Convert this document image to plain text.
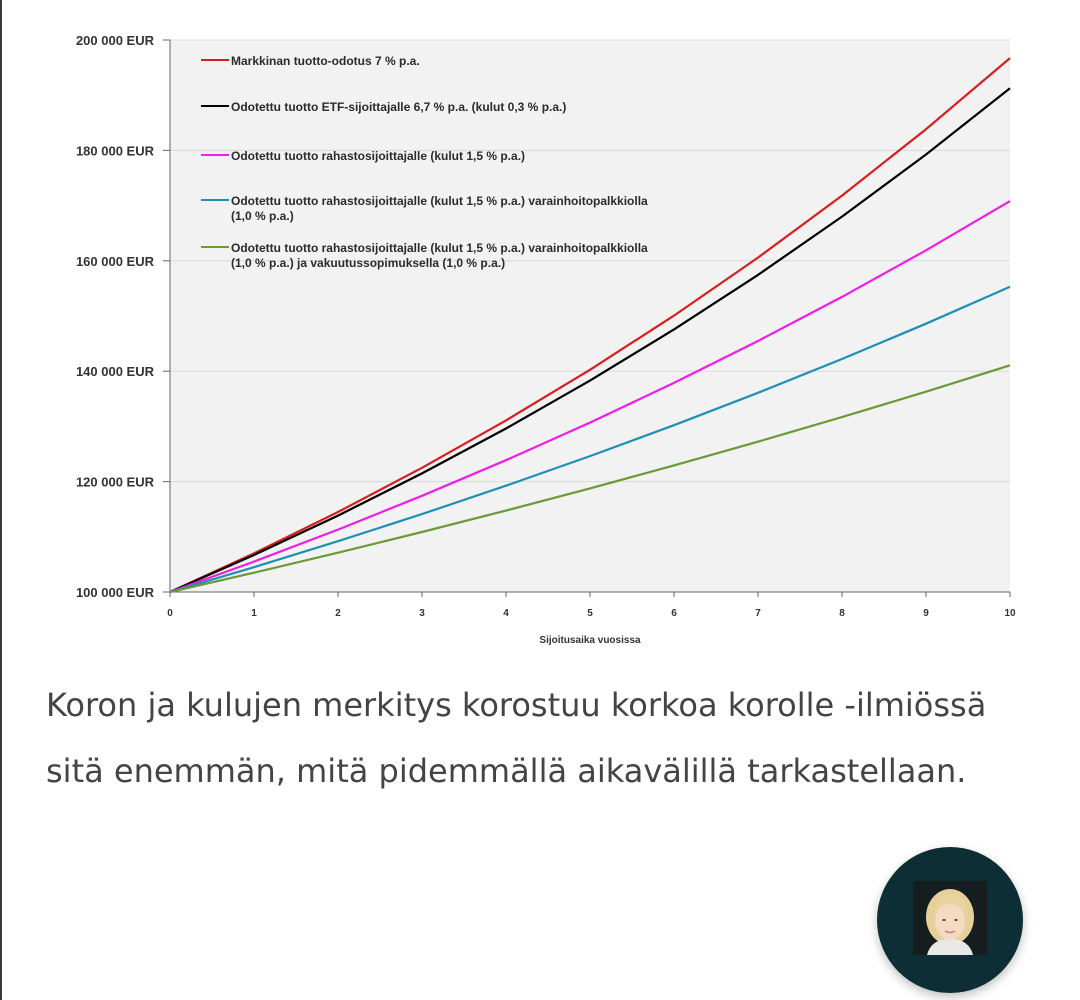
100 000 EUR
120 000 EUR
140 000 EUR
160 000 EUR
180 000 EUR
200 000 EUR
0	1	2	3	4	5	6	7	8	9	10
Markkinan tuotto-odotus 7 % p.a.
Odotettu tuotto ETF-sijoittajalle 6,7 % p.a. (kulut 0,3 % p.a.)
Odotettu tuotto rahastosijoittajalle (kulut 1,5 % p.a.)
Odotettu tuotto rahastosijoittajalle (kulut 1,5 % p.a.) varainhoitopalkkiolla
(1,0 % p.a.)
Odotettu tuotto rahastosijoittajalle (kulut 1,5 % p.a.) varainhoitopalkkiolla
(1,0 % p.a.) ja vakuutussopimuksella (1,0 % p.a.)
Sijoitusaika vuosissa

Koron ja kulujen merkitys korostuu korkoa korolle -ilmiössä sitä enemmän, mitä pidemmällä aikavälillä tarkastellaan.
